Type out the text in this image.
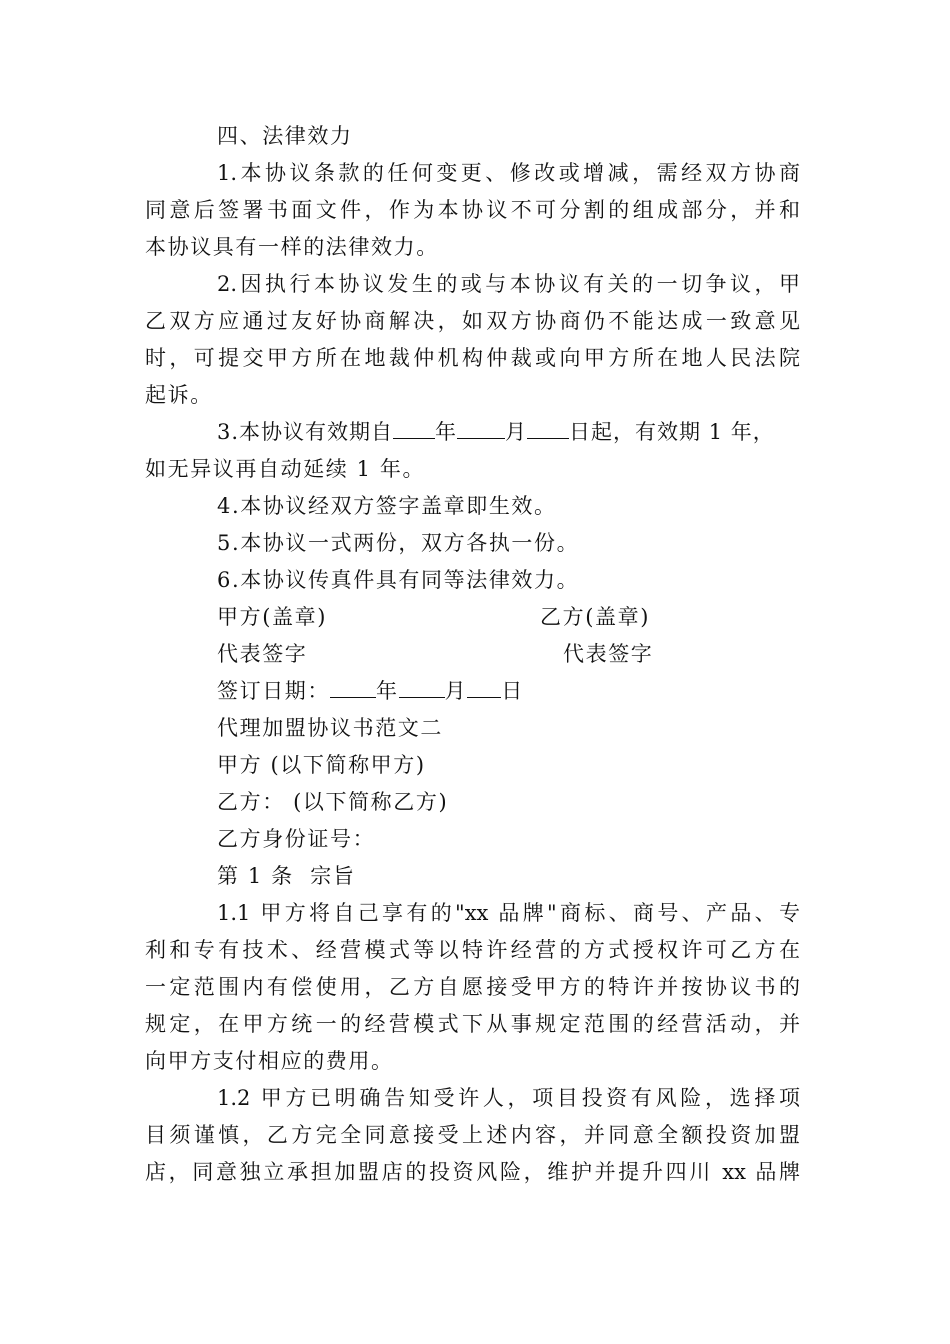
四、法律效力
1.本协议条款的任何变更、修改或增减，需经双方协商
同意后签署书面文件，作为本协议不可分割的组成部分，并和
本协议具有一样的法律效力。
2.因执行本协议发生的或与本协议有关的一切争议，甲
乙双方应通过友好协商解决，如双方协商仍不能达成一致意见
时，可提交甲方所在地裁仲机构仲裁或向甲方所在地人民法院
起诉。
3.本协议有效期自 年 月 日起，有效期 1 年，
如无异议再自动延续 1 年。
4.本协议经双方签字盖章即生效。
5.本协议一式两份，双方各执一份。
6.本协议传真件具有同等法律效力。
甲方(盖章)	乙方(盖章)
代表签字	代表签字
签订日期： 年 月 日
代理加盟协议书范文二
甲方 (以下简称甲方)
乙方： (以下简称乙方)
乙方身份证号：
第 1 条  宗旨
1.1 甲方将自己享有的"xx 品牌"商标、商号、产品、专
利和专有技术、经营模式等以特许经营的方式授权许可乙方在
一定范围内有偿使用，乙方自愿接受甲方的特许并按协议书的
规定，在甲方统一的经营模式下从事规定范围的经营活动，并
向甲方支付相应的费用。
1.2 甲方已明确告知受许人，项目投资有风险，选择项
目须谨慎，乙方完全同意接受上述内容，并同意全额投资加盟
店，同意独立承担加盟店的投资风险，维护并提升四川 xx 品牌
